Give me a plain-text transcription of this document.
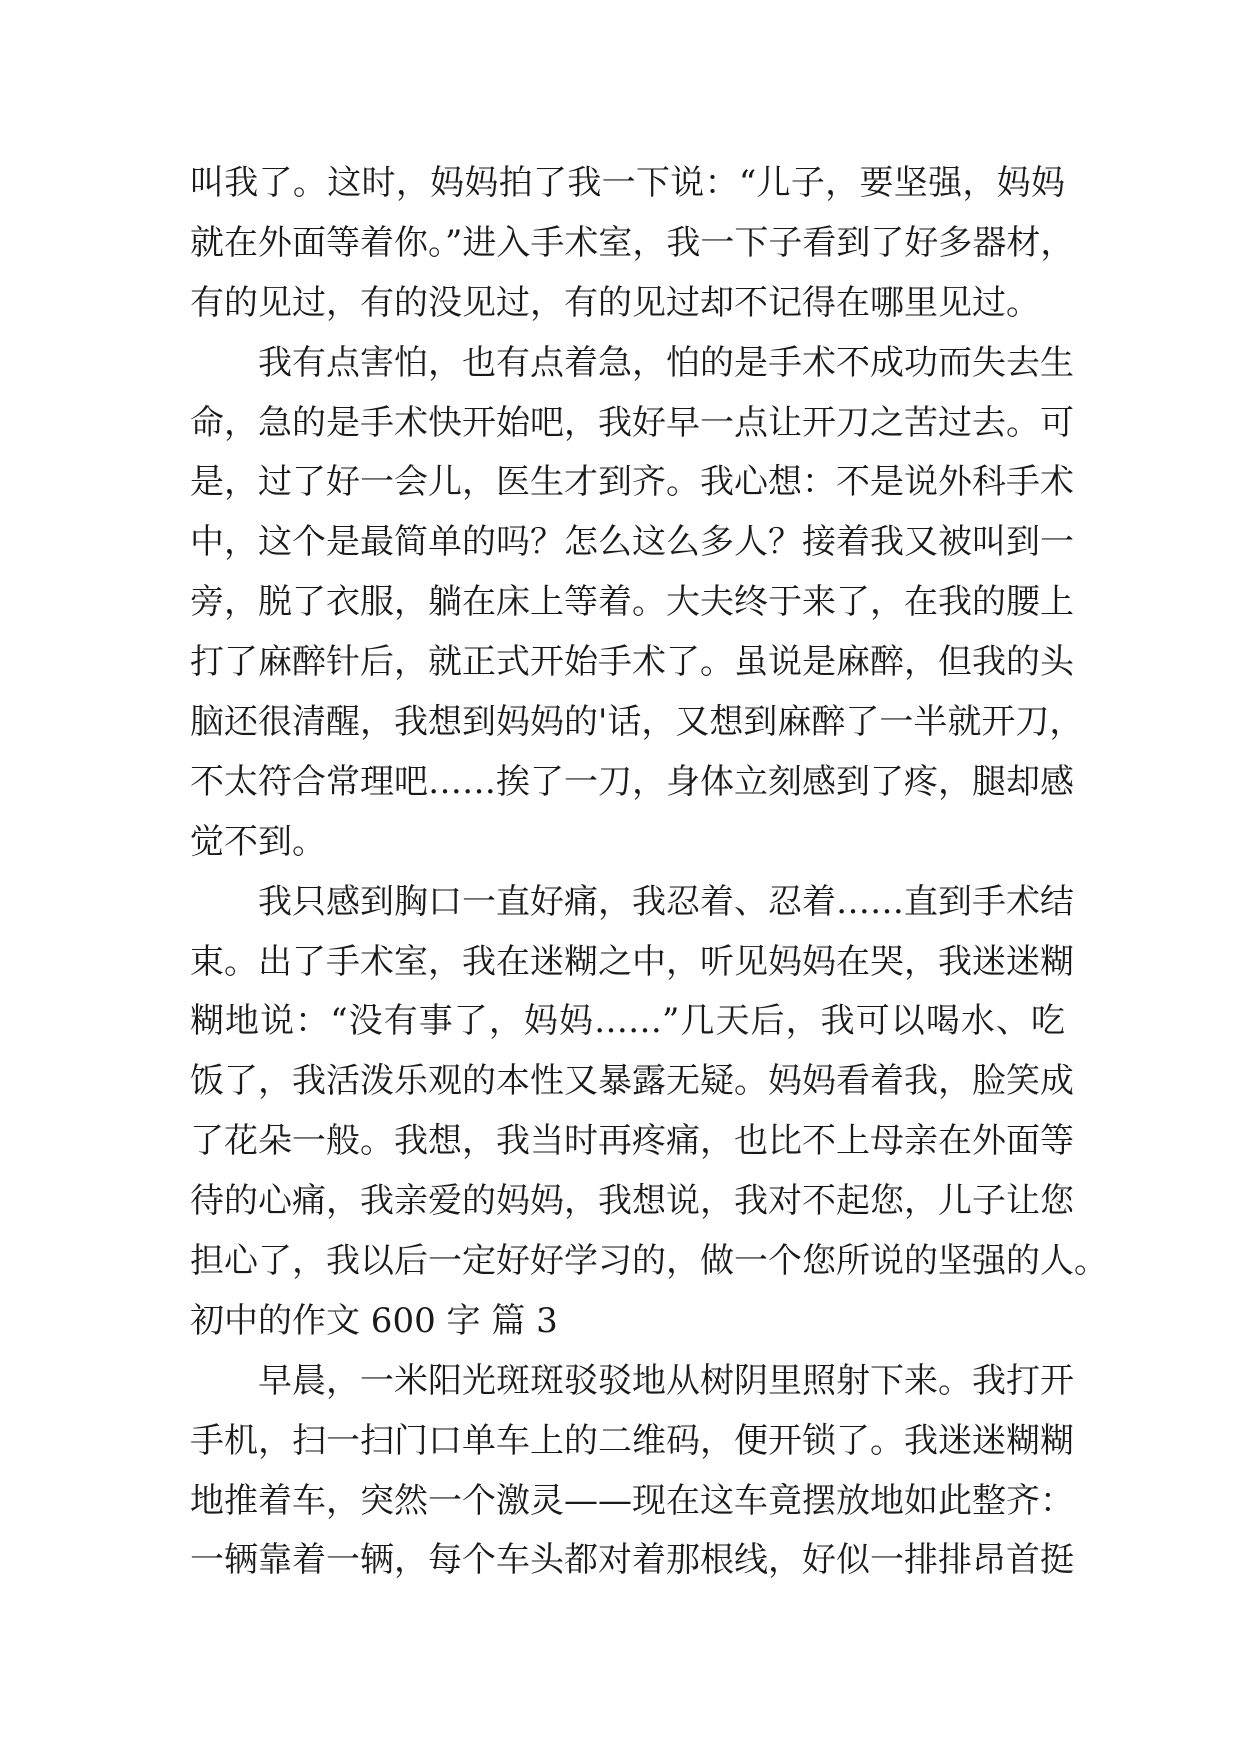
叫我了。这时，妈妈拍了我一下说：“儿子，要坚强，妈妈
就在外面等着你。”进入手术室，我一下子看到了好多器材，
有的见过，有的没见过，有的见过却不记得在哪里见过。
我有点害怕，也有点着急，怕的是手术不成功而失去生
命，急的是手术快开始吧，我好早一点让开刀之苦过去。可
是，过了好一会儿，医生才到齐。我心想：不是说外科手术
中，这个是最简单的吗？怎么这么多人？接着我又被叫到一
旁，脱了衣服，躺在床上等着。大夫终于来了，在我的腰上
打了麻醉针后，就正式开始手术了。虽说是麻醉，但我的头
脑还很清醒，我想到妈妈的'话，又想到麻醉了一半就开刀，
不太符合常理吧……挨了一刀，身体立刻感到了疼，腿却感
觉不到。
我只感到胸口一直好痛，我忍着、忍着……直到手术结
束。出了手术室，我在迷糊之中，听见妈妈在哭，我迷迷糊
糊地说：“没有事了，妈妈……”几天后，我可以喝水、吃
饭了，我活泼乐观的本性又暴露无疑。妈妈看着我，脸笑成
了花朵一般。我想，我当时再疼痛，也比不上母亲在外面等
待的心痛，我亲爱的妈妈，我想说，我对不起您，儿子让您
担心了，我以后一定好好学习的，做一个您所说的坚强的人。
初中的作文 600 字 篇 3
早晨，一米阳光斑斑驳驳地从树阴里照射下来。我打开
手机，扫一扫门口单车上的二维码，便开锁了。我迷迷糊糊
地推着车，突然一个激灵——现在这车竟摆放地如此整齐：
一辆靠着一辆，每个车头都对着那根线，好似一排排昂首挺
